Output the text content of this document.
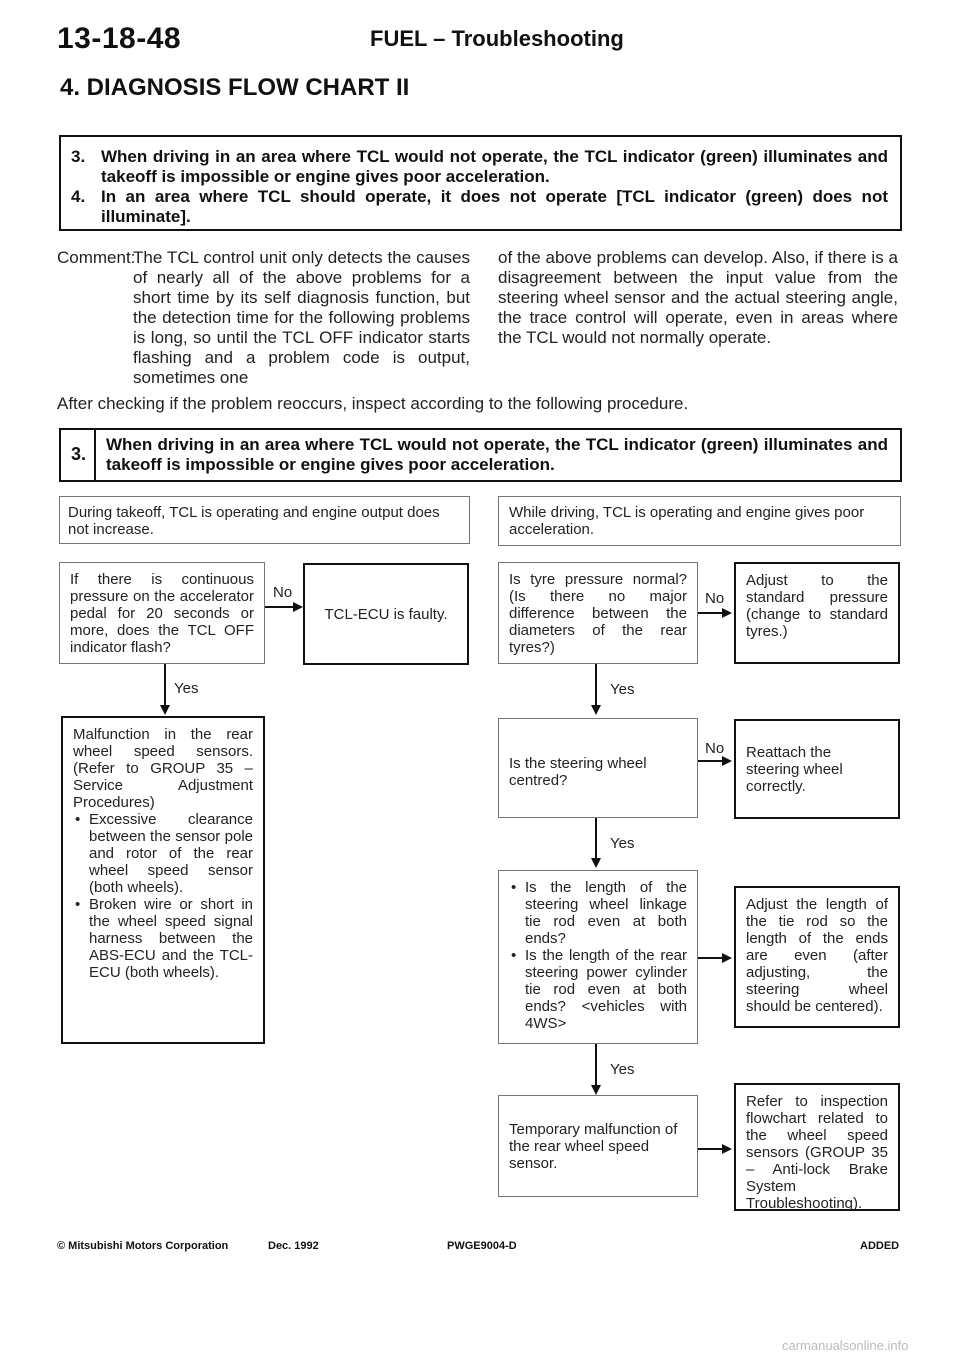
13-18-48	FUEL – Troubleshooting
4. DIAGNOSIS FLOW CHART II
3. When driving in an area where TCL would not operate, the TCL indicator (green) illuminates and takeoff is impossible or engine gives poor acceleration.
4. In an area where TCL should operate, it does not operate [TCL indicator (green) does not illuminate].
Comment:
The TCL control unit only detects the causes of nearly all of the above problems for a short time by its self diagnosis function, but the detection time for the following problems is long, so until the TCL OFF indicator starts flashing and a problem code is output, sometimes one
of the above problems can develop. Also, if there is a disagreement between the input value from the steering wheel sensor and the actual steering angle, the trace control will operate, even in areas where the TCL would not normally operate.
After checking if the problem reoccurs, inspect according to the following procedure.
3. When driving in an area where TCL would not operate, the TCL indicator (green) illuminates and takeoff is impossible or engine gives poor acceleration.
During takeoff, TCL is operating and engine output does not increase.
If there is continuous pressure on the accelerator pedal for 20 seconds or more, does the TCL OFF indicator flash?
No
TCL-ECU is faulty.
Yes
Malfunction in the rear wheel speed sensors. (Refer to GROUP 35 – Service Adjustment Procedures)
• Excessive clearance between the sensor pole and rotor of the rear wheel speed sensor (both wheels).
• Broken wire or short in the wheel speed signal harness between the ABS-ECU and the TCL-ECU (both wheels).
While driving, TCL is operating and engine gives poor acceleration.
Is tyre pressure normal? (Is there no major difference between the diameters of the rear tyres?)
No
Adjust to the standard pressure (change to standard tyres.)
Yes
Is the steering wheel centred?
No Reattach the steering wheel correctly.
Yes
• Is the length of the steering wheel linkage tie rod even at both ends?
• Is the length of the rear steering power cylinder tie rod even at both ends? <vehicles with 4WS>
Adjust the length of the tie rod so the length of the ends are even (after adjusting, the steering wheel should be centered).
Yes
Temporary malfunction of the rear wheel speed sensor.
Refer to inspection flowchart related to the wheel speed sensors (GROUP 35 – Anti-lock Brake System Troubleshooting).
© Mitsubishi Motors Corporation	Dec. 1992	PWGE9004-D	ADDED
carmanualsonline.info
